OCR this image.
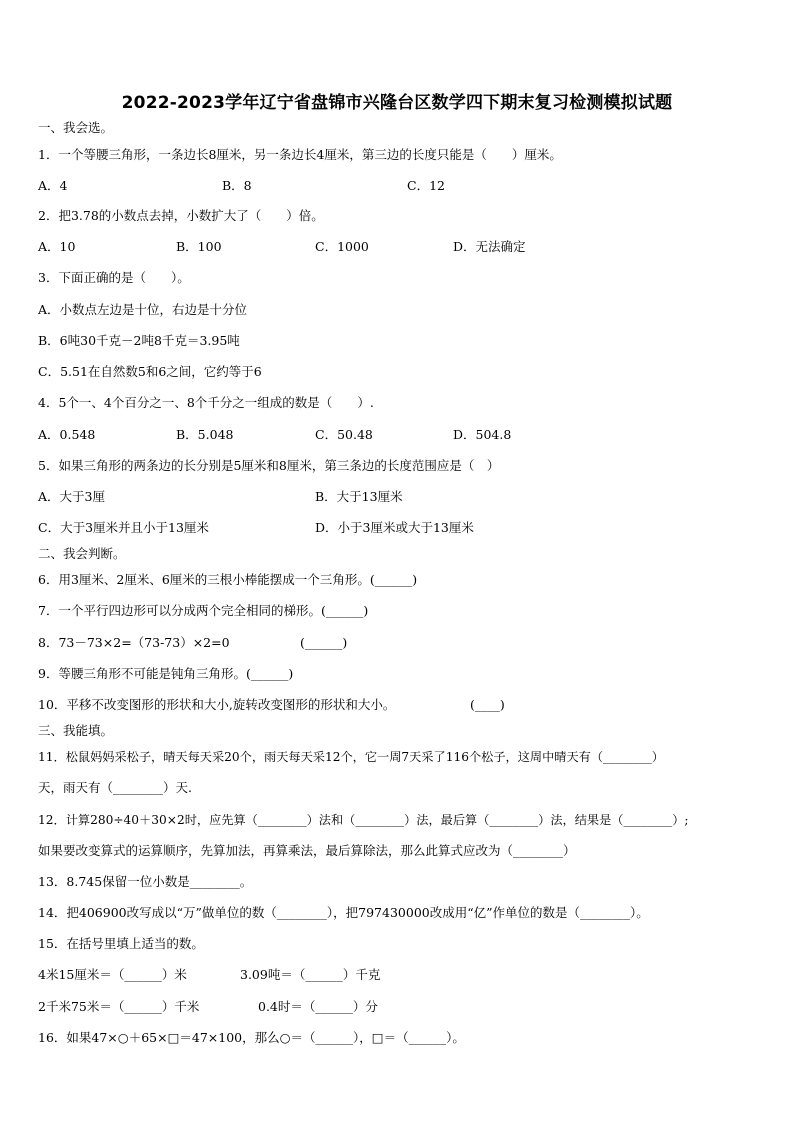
2022-2023学年辽宁省盘锦市兴隆台区数学四下期末复习检测模拟试题
一、我会选。
1．一个等腰三角形，一条边长8厘米，另一条边长4厘米，第三边的长度只能是（　　）厘米。
A．4	B．8	C．12
2．把3.78的小数点去掉，小数扩大了（　　）倍。
A．10	B．100	C．1000	D．无法确定
3．下面正确的是（　　）。
A．小数点左边是十位，右边是十分位
B．6吨30千克－2吨8千克＝3.95吨
C．5.51在自然数5和6之间，它约等于6
4．5个一、4个百分之一、8个千分之一组成的数是（　　）.
A．0.548	B．5.048	C．50.48	D．504.8
5．如果三角形的两条边的长分别是5厘米和8厘米，第三条边的长度范围应是（　）
A．大于3厘	B．大于13厘米
C．大于3厘米并且小于13厘米	D．小于3厘米或大于13厘米
二、我会判断。
6．用3厘米、2厘米、6厘米的三根小棒能摆成一个三角形。(______)
7．一个平行四边形可以分成两个完全相同的梯形。(______)
8．73－73×2=（73-73）×2=0	(______)
9．等腰三角形不可能是钝角三角形。(______)
10．平移不改变图形的形状和大小,旋转改变图形的形状和大小。	(____)
三、我能填。
11．松鼠妈妈采松子，晴天每天采20个，雨天每天采12个，它一周7天采了116个松子，这周中晴天有（________）
天，雨天有（________）天.
12．计算280÷40＋30×2时，应先算（________）法和（________）法，最后算（________）法，结果是（________）;
如果要改变算式的运算顺序，先算加法，再算乘法，最后算除法，那么此算式应改为（________）
13．8.745保留一位小数是________。
14．把406900改写成以“万”做单位的数（________），把797430000改成用“亿”作单位的数是（________）。
15．在括号里填上适当的数。
4米15厘米＝（______）米	3.09吨＝（______）千克
2千米75米＝（______）千米	0.4时＝（______）分
16．如果47×○＋65×□＝47×100，那么○＝（______），□＝（______）。
